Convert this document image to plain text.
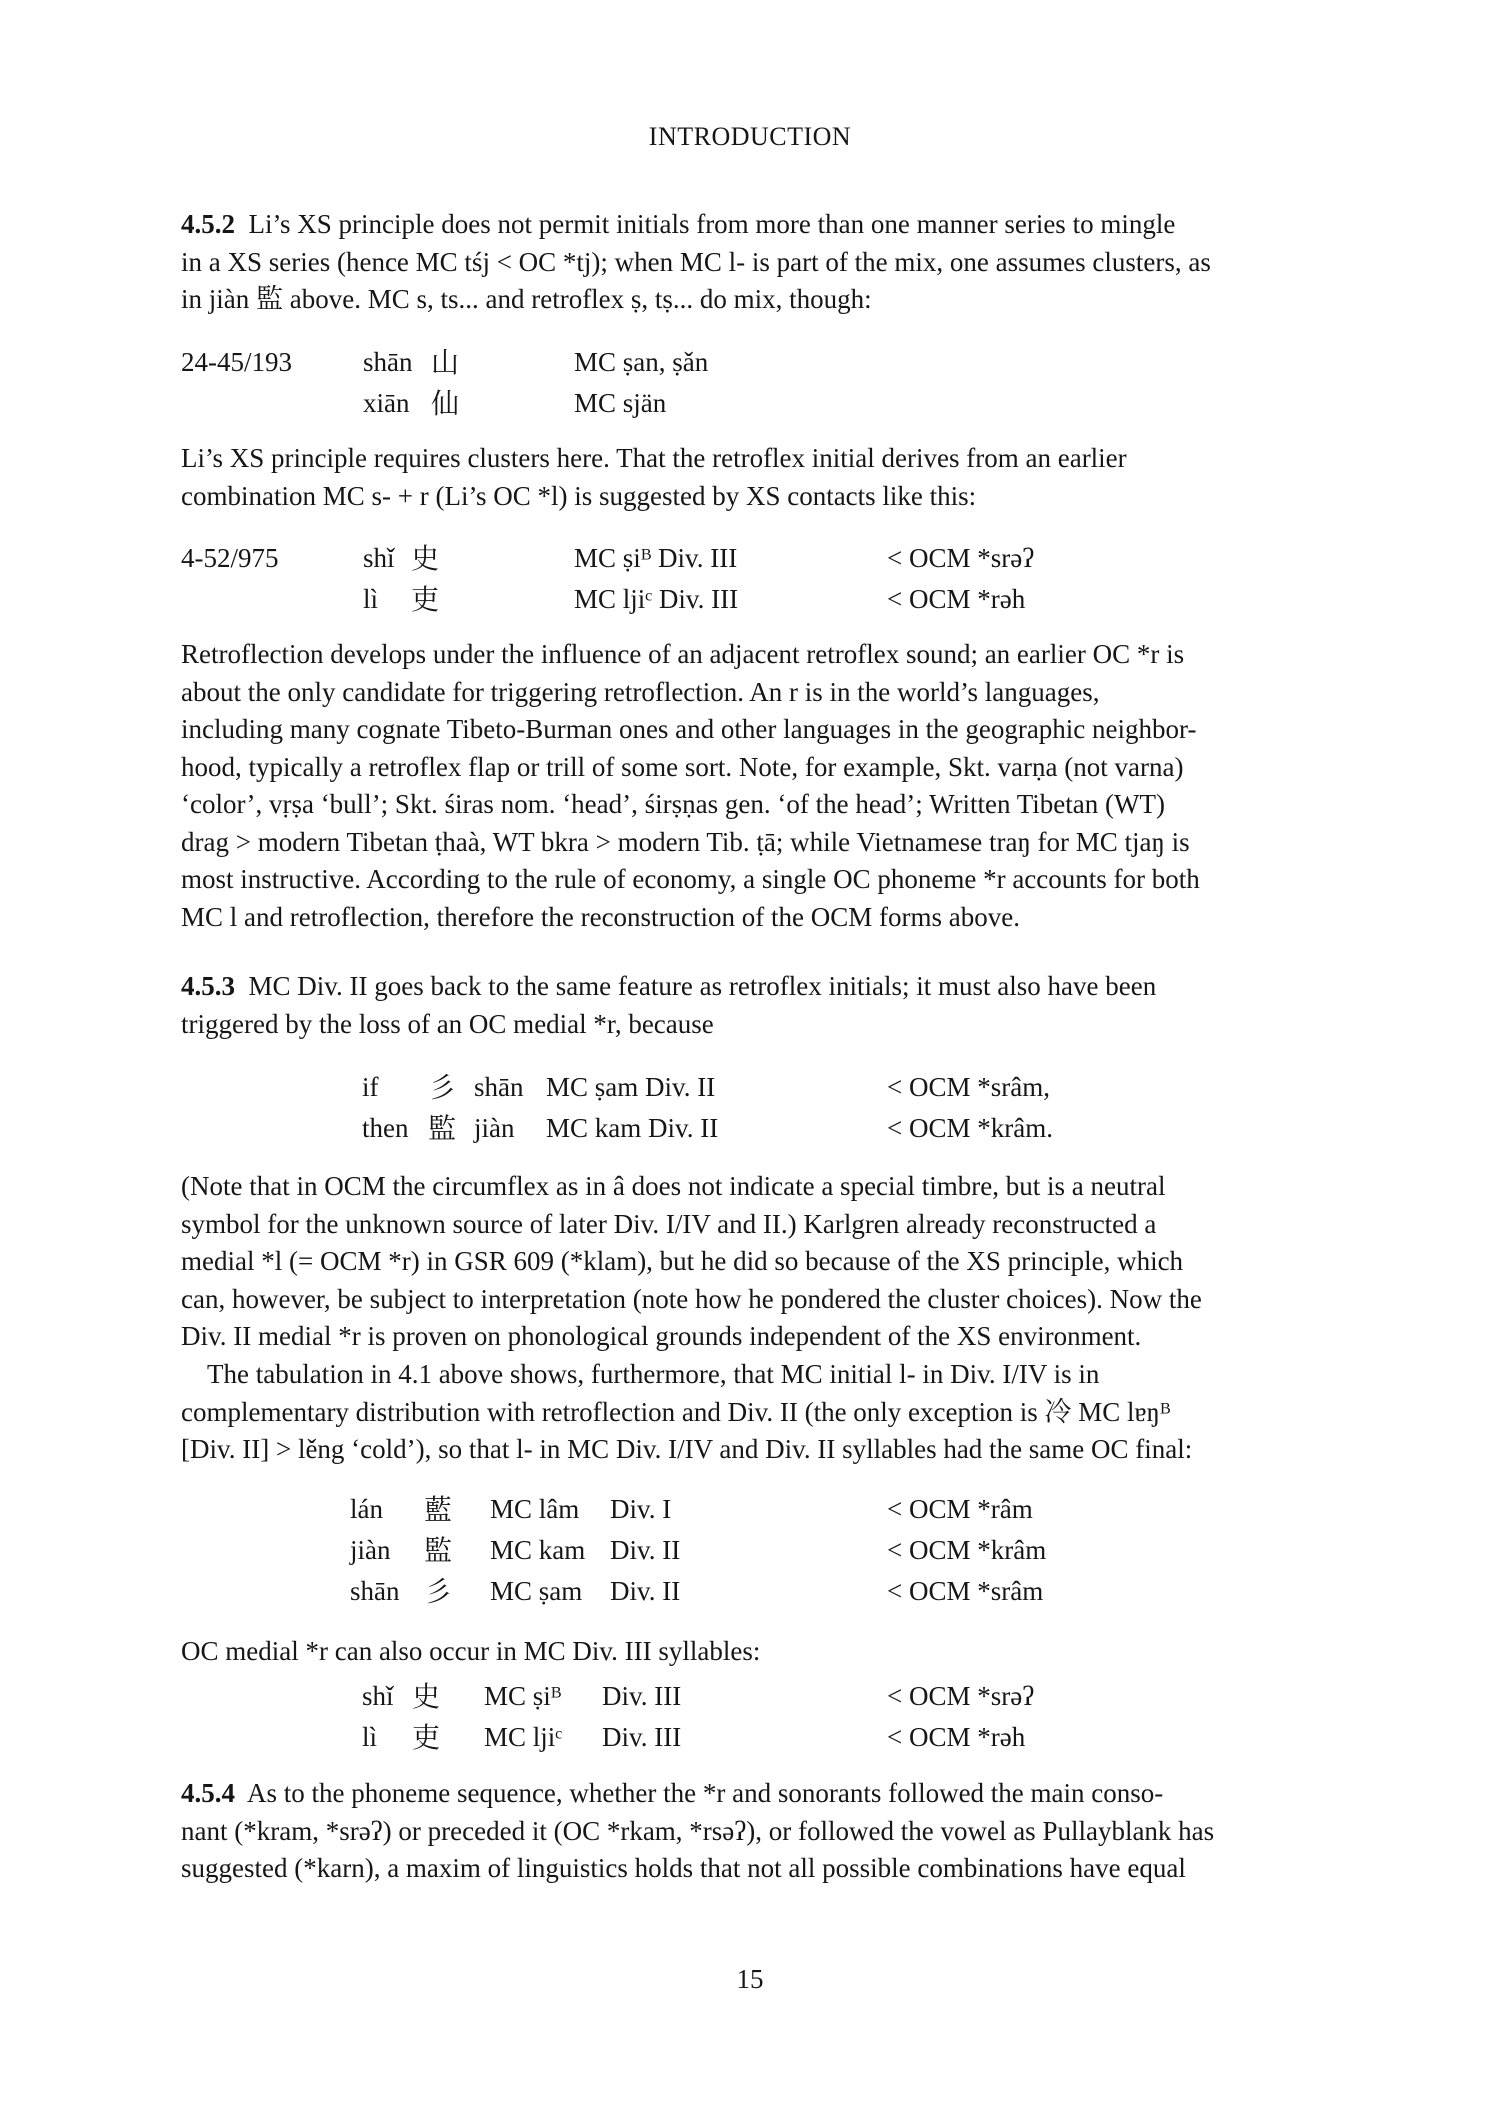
INTRODUCTION

4.5.2 Li’s XS principle does not permit initials from more than one manner series to mingle
in a XS series (hence MC tśj < OC *tj); when MC l- is part of the mix, one assumes clusters, as
in jiàn 監 above. MC s, ts... and retroflex ṣ, tṣ... do mix, though:

24-45/193	shān 山	MC ṣan, ṣǎn
xiān 仙	MC sjän

Li’s XS principle requires clusters here. That the retroflex initial derives from an earlier
combination MC s- + r (Li’s OC *l) is suggested by XS contacts like this:

4-52/975	shǐ 史	MC ṣiᴮ Div. III	< OCM *srəʔ
lì 吏	MC ljiᶜ Div. III	< OCM *rəh

Retroflection develops under the influence of an adjacent retroflex sound; an earlier OC *r is
about the only candidate for triggering retroflection. An r is in the world’s languages,
including many cognate Tibeto-Burman ones and other languages in the geographic neighbor-
hood, typically a retroflex flap or trill of some sort. Note, for example, Skt. varṇa (not varna)
‘color’, vṛṣa ‘bull’; Skt. śiras nom. ‘head’, śirṣṇas gen. ‘of the head’; Written Tibetan (WT)
drag > modern Tibetan ṭhaà, WT bkra > modern Tib. ṭā; while Vietnamese traŋ for MC tjaŋ is
most instructive. According to the rule of economy, a single OC phoneme *r accounts for both
MC l and retroflection, therefore the reconstruction of the OCM forms above.

4.5.3 MC Div. II goes back to the same feature as retroflex initials; it must also have been
triggered by the loss of an OC medial *r, because

if 彡 shān MC ṣam Div. II	< OCM *srâm,
then 監 jiàn MC kam Div. II	< OCM *krâm.

(Note that in OCM the circumflex as in â does not indicate a special timbre, but is a neutral
symbol for the unknown source of later Div. I/IV and II.) Karlgren already reconstructed a
medial *l (= OCM *r) in GSR 609 (*klam), but he did so because of the XS principle, which
can, however, be subject to interpretation (note how he pondered the cluster choices). Now the
Div. II medial *r is proven on phonological grounds independent of the XS environment.

The tabulation in 4.1 above shows, furthermore, that MC initial l- in Div. I/IV is in
complementary distribution with retroflection and Div. II (the only exception is 冷 MC lɐŋᴮ
[Div. II] > lěng ‘cold’), so that l- in MC Div. I/IV and Div. II syllables had the same OC final:

lán 藍 MC lâm Div. I	< OCM *râm
jiàn 監 MC kam Div. II	< OCM *krâm
shān 彡 MC ṣam Div. II	< OCM *srâm

OC medial *r can also occur in MC Div. III syllables:

shǐ 史 MC ṣiᴮ Div. III	< OCM *srəʔ
lì 吏 MC ljiᶜ Div. III	< OCM *rəh

4.5.4 As to the phoneme sequence, whether the *r and sonorants followed the main conso-
nant (*kram, *srəʔ) or preceded it (OC *rkam, *rsəʔ), or followed the vowel as Pullayblank has
suggested (*karn), a maxim of linguistics holds that not all possible combinations have equal

15
